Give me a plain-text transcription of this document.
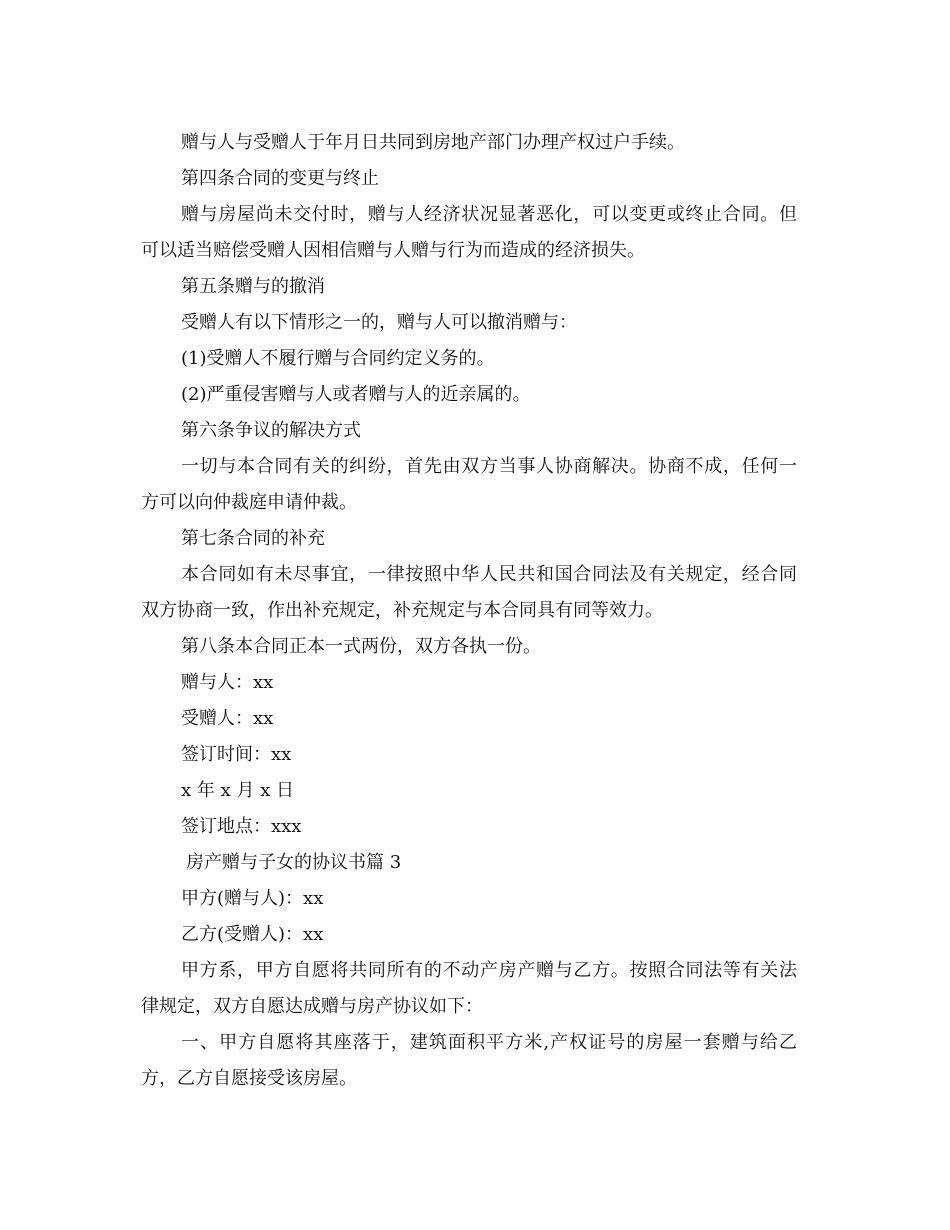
赠与人与受赠人于年月日共同到房地产部门办理产权过户手续。
第四条合同的变更与终止
赠与房屋尚未交付时，赠与人经济状况显著恶化，可以变更或终止合同。但
可以适当赔偿受赠人因相信赠与人赠与行为而造成的经济损失。
第五条赠与的撤消
受赠人有以下情形之一的，赠与人可以撤消赠与：
(1)受赠人不履行赠与合同约定义务的。
(2)严重侵害赠与人或者赠与人的近亲属的。
第六条争议的解决方式
一切与本合同有关的纠纷，首先由双方当事人协商解决。协商不成，任何一
方可以向仲裁庭申请仲裁。
第七条合同的补充
本合同如有未尽事宜，一律按照中华人民共和国合同法及有关规定，经合同
双方协商一致，作出补充规定，补充规定与本合同具有同等效力。
第八条本合同正本一式两份，双方各执一份。
赠与人：xx
受赠人：xx
签订时间：xx
x 年 x 月 x 日
签订地点：xxx
房产赠与子女的协议书篇 3
甲方(赠与人)：xx
乙方(受赠人)：xx
甲方系，甲方自愿将共同所有的不动产房产赠与乙方。按照合同法等有关法
律规定，双方自愿达成赠与房产协议如下：
一、甲方自愿将其座落于，建筑面积平方米,产权证号的房屋一套赠与给乙
方，乙方自愿接受该房屋。
